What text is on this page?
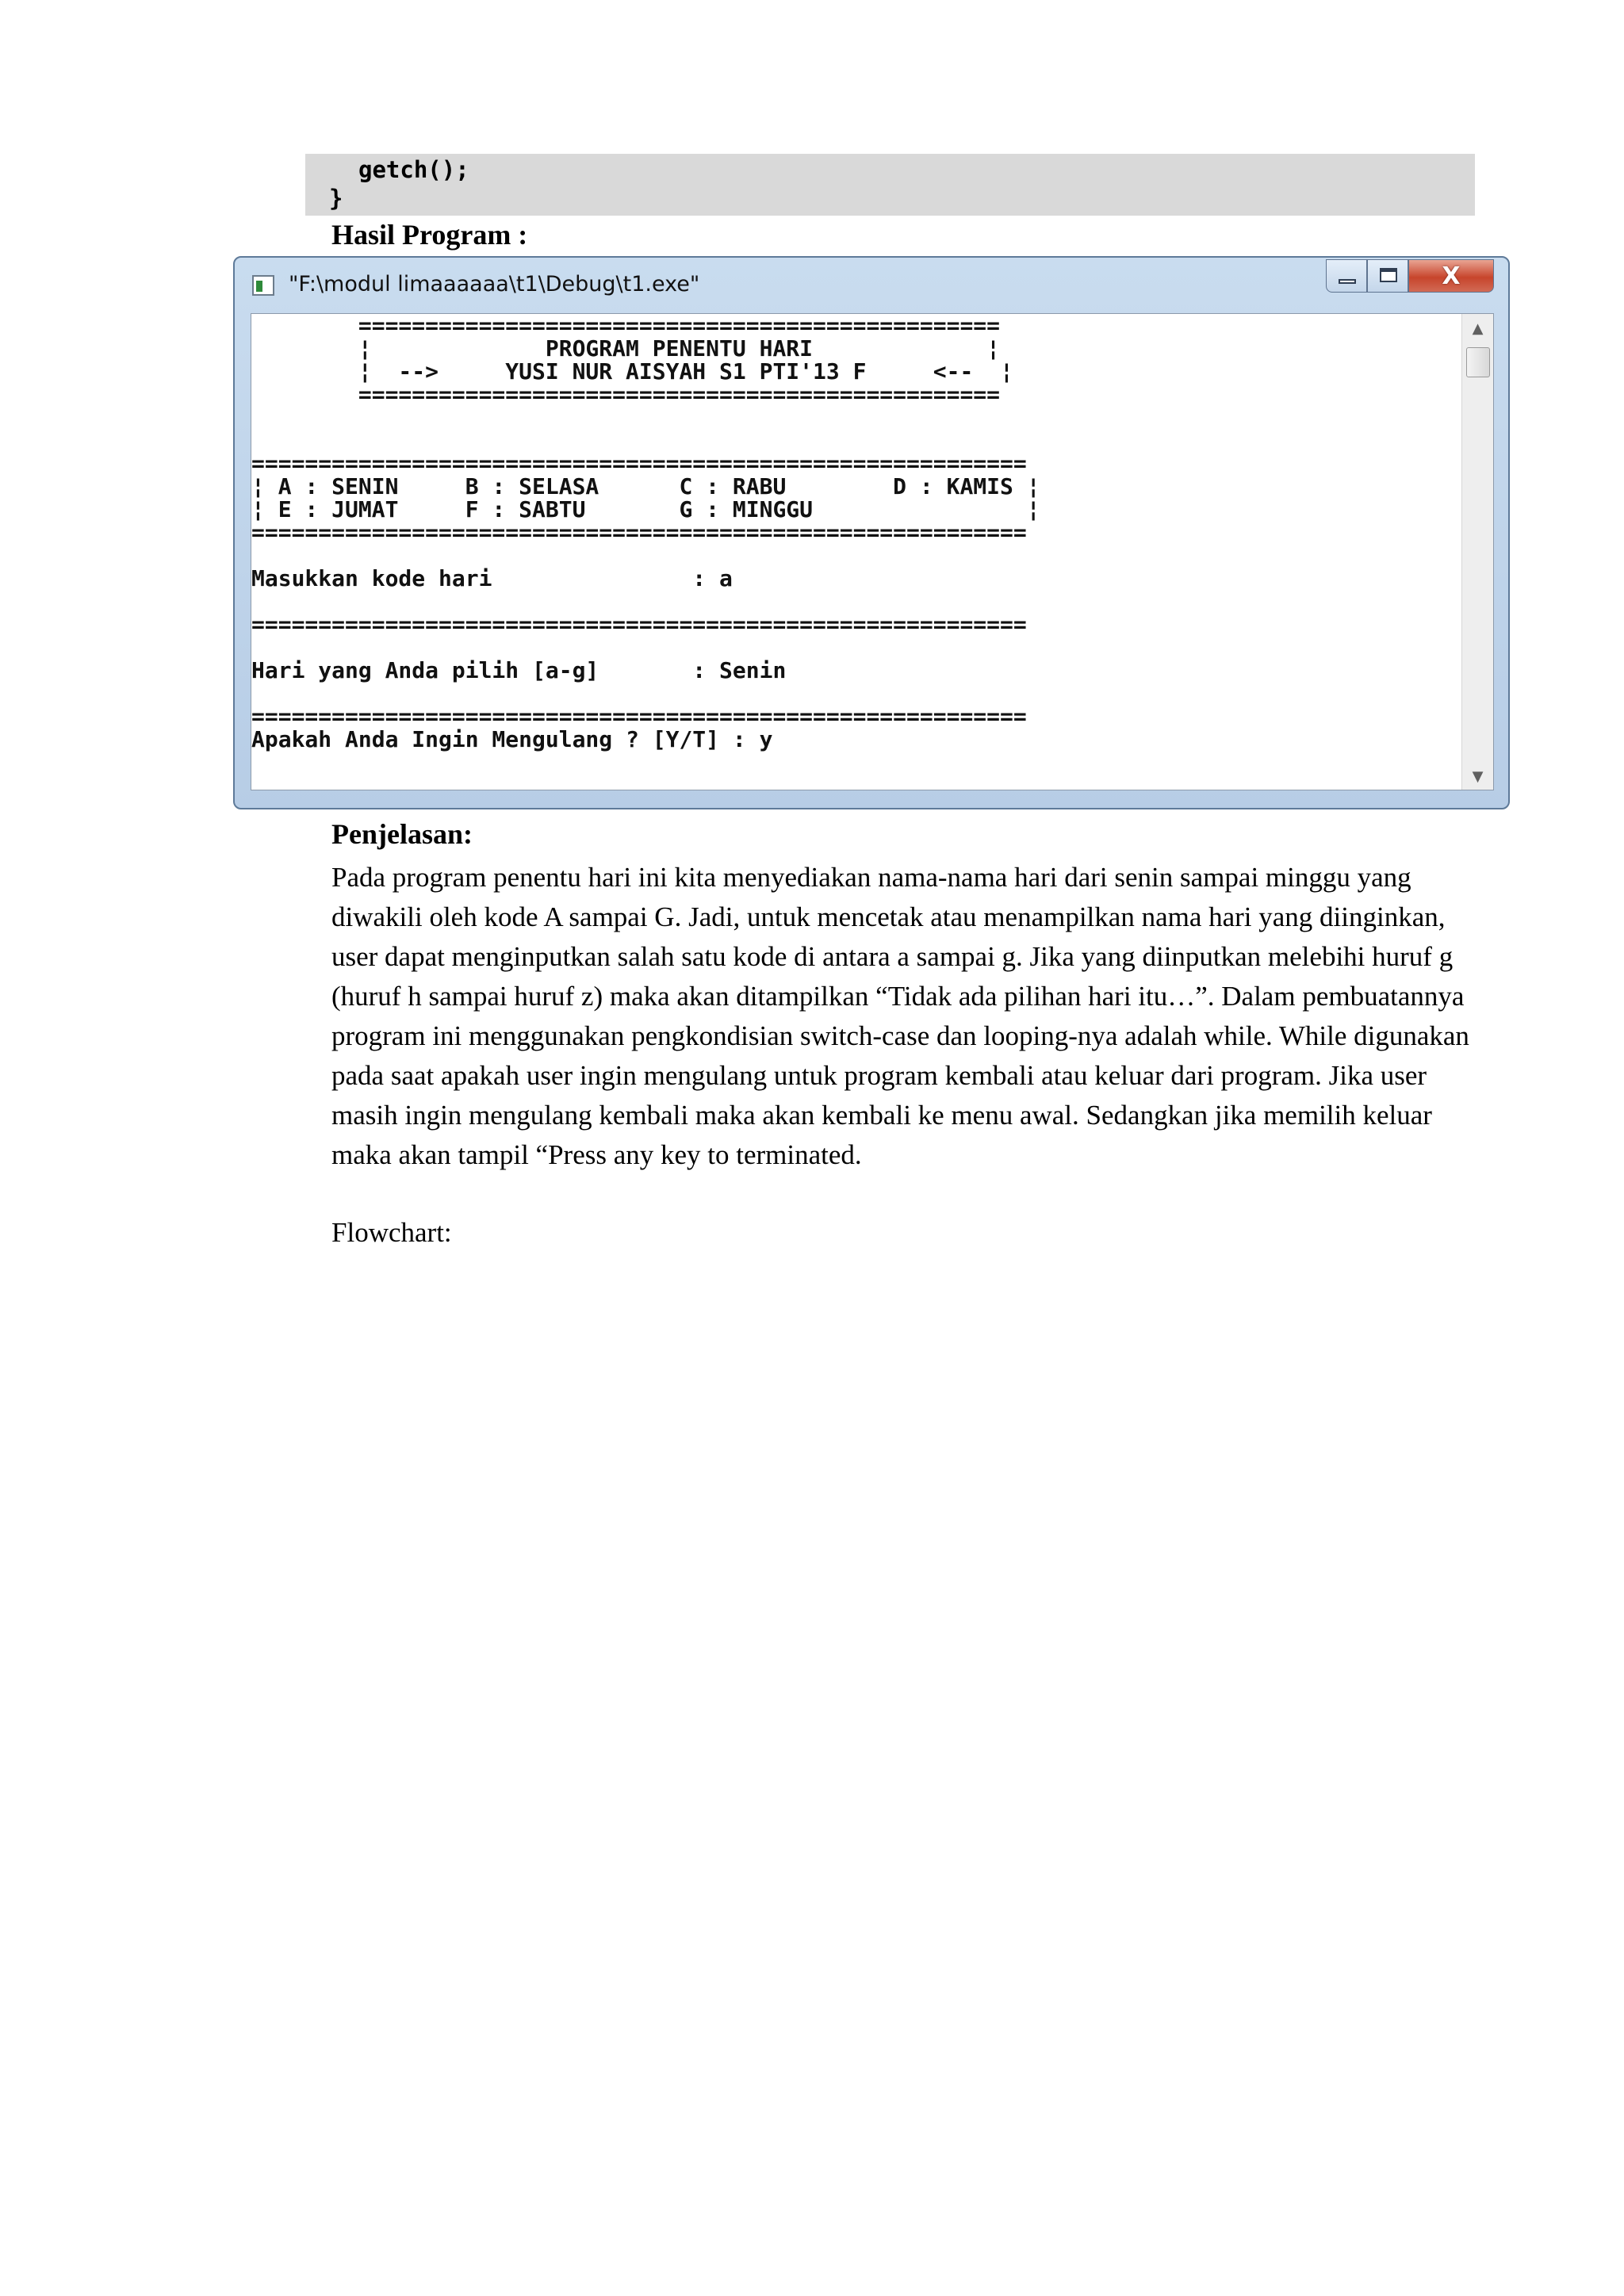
getch();
}
Hasil Program :
"F:\modul limaaaaaa\t1\Debug\t1.exe"	X
================================================
¦             PROGRAM PENENTU HARI             ¦
¦  -->     YUSI NUR AISYAH S1 PTI'13 F     <--  ¦
================================================

==========================================================
¦ A : SENIN     B : SELASA      C : RABU        D : KAMIS ¦
¦ E : JUMAT     F : SABTU       G : MINGGU                ¦
==========================================================

Masukkan kode hari               : a

==========================================================

Hari yang Anda pilih [a-g]       : Senin

==========================================================
Apakah Anda Ingin Mengulang ? [Y/T] : y
▲
▼
Penjelasan:
Pada program penentu hari ini kita menyediakan nama-nama hari dari senin sampai minggu yang diwakili oleh kode A sampai G. Jadi, untuk mencetak atau menampilkan nama hari yang diinginkan, user dapat menginputkan salah satu kode di antara a sampai g. Jika yang diinputkan melebihi huruf g (huruf h sampai huruf z) maka akan ditampilkan “Tidak ada pilihan hari itu…”. Dalam pembuatannya program ini menggunakan pengkondisian switch-case dan looping-nya adalah while. While digunakan pada saat apakah user ingin mengulang untuk program kembali atau keluar dari program. Jika user masih ingin mengulang kembali maka akan kembali ke menu awal. Sedangkan jika memilih keluar maka akan tampil “Press any key to terminated.
Flowchart:
